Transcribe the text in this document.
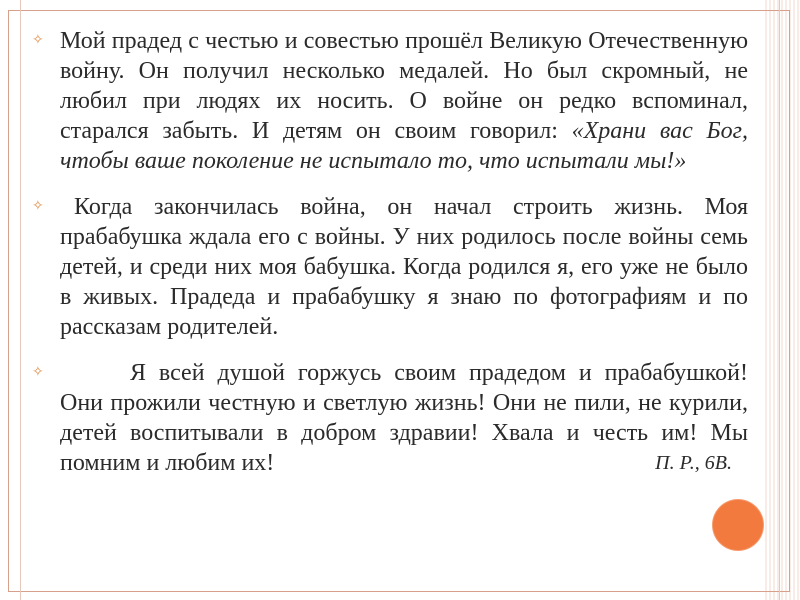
✧ Мой прадед с честью и совестью прошёл Великую Отечественную войну. Он получил несколько медалей. Но был скромный, не любил при людях их носить. О войне он редко вспоминал, старался забыть. И детям он своим говорил: «Храни вас Бог, чтобы ваше поколение не испытало то, что испытали мы!»

✧ Когда закончилась война, он начал строить жизнь. Моя прабабушка ждала его с войны. У них родилось после войны семь детей, и среди них моя бабушка. Когда родился я, его уже не было в живых. Прадеда и прабабушку я знаю по фотографиям и по рассказам родителей.

✧	Я всей душой горжусь своим прадедом и прабабушкой! Они прожили честную и светлую жизнь! Они не пили, не курили, детей воспитывали в добром здравии! Хвала и честь им! Мы помним и любим их!	П. Р., 6В.
